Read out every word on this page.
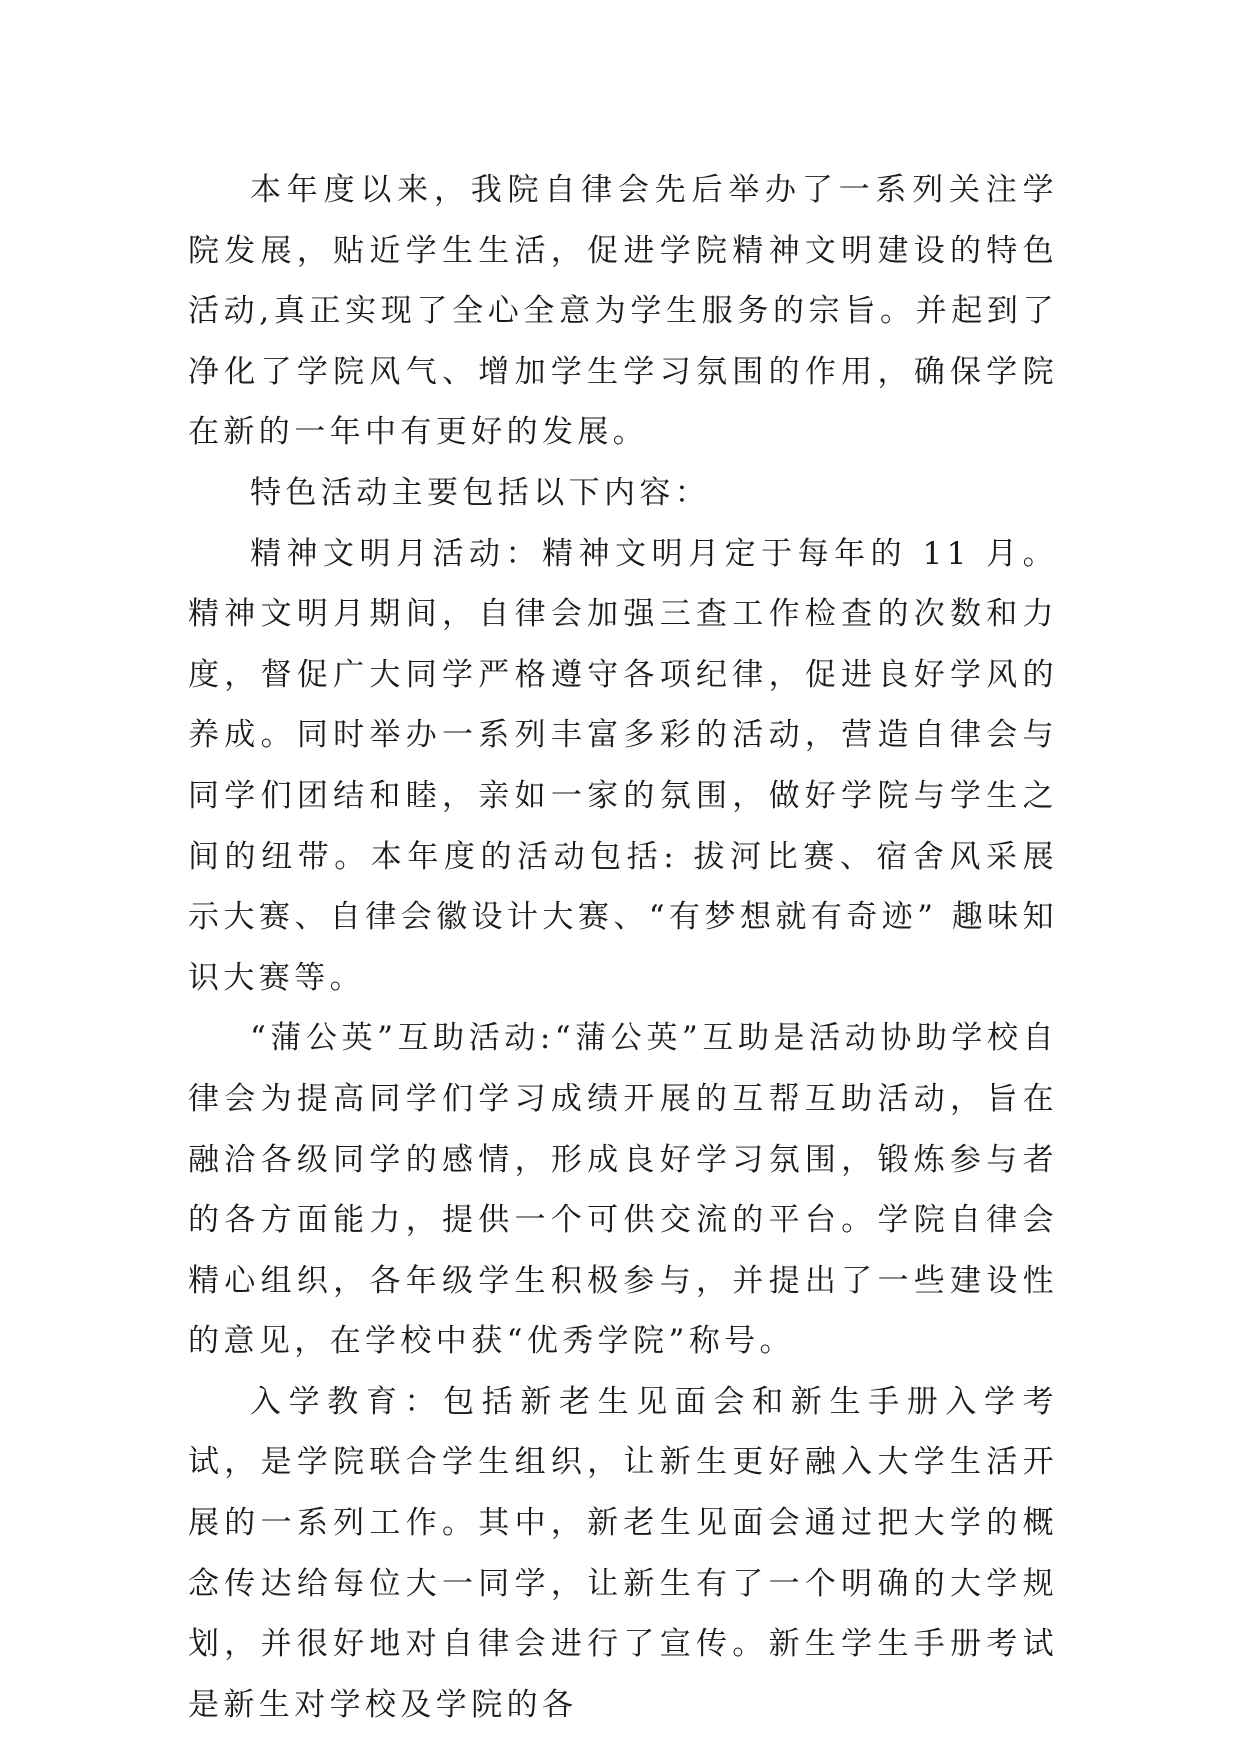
本年度以来，我院自律会先后举办了一系列关注学院发展，贴近学生生活，促进学院精神文明建设的特色活动,真正实现了全心全意为学生服务的宗旨。并起到了净化了学院风气、增加学生学习氛围的作用，确保学院在新的一年中有更好的发展。

特色活动主要包括以下内容：

精神文明月活动：精神文明月定于每年的 11 月。精神文明月期间，自律会加强三查工作检查的次数和力度，督促广大同学严格遵守各项纪律，促进良好学风的养成。同时举办一系列丰富多彩的活动，营造自律会与同学们团结和睦，亲如一家的氛围，做好学院与学生之间的纽带。本年度的活动包括: 拔河比赛、宿舍风采展示大赛、自律会徽设计大赛、“有梦想就有奇迹” 趣味知识大赛等。

“蒲公英”互助活动:“蒲公英”互助是活动协助学校自律会为提高同学们学习成绩开展的互帮互助活动，旨在融洽各级同学的感情，形成良好学习氛围，锻炼参与者的各方面能力，提供一个可供交流的平台。学院自律会精心组织，各年级学生积极参与，并提出了一些建设性的意见，在学校中获“优秀学院”称号。

入学教育：包括新老生见面会和新生手册入学考试，是学院联合学生组织，让新生更好融入大学生活开展的一系列工作。其中，新老生见面会通过把大学的概念传达给每位大一同学，让新生有了一个明确的大学规划，并很好地对自律会进行了宣传。新生学生手册考试是新生对学校及学院的各
